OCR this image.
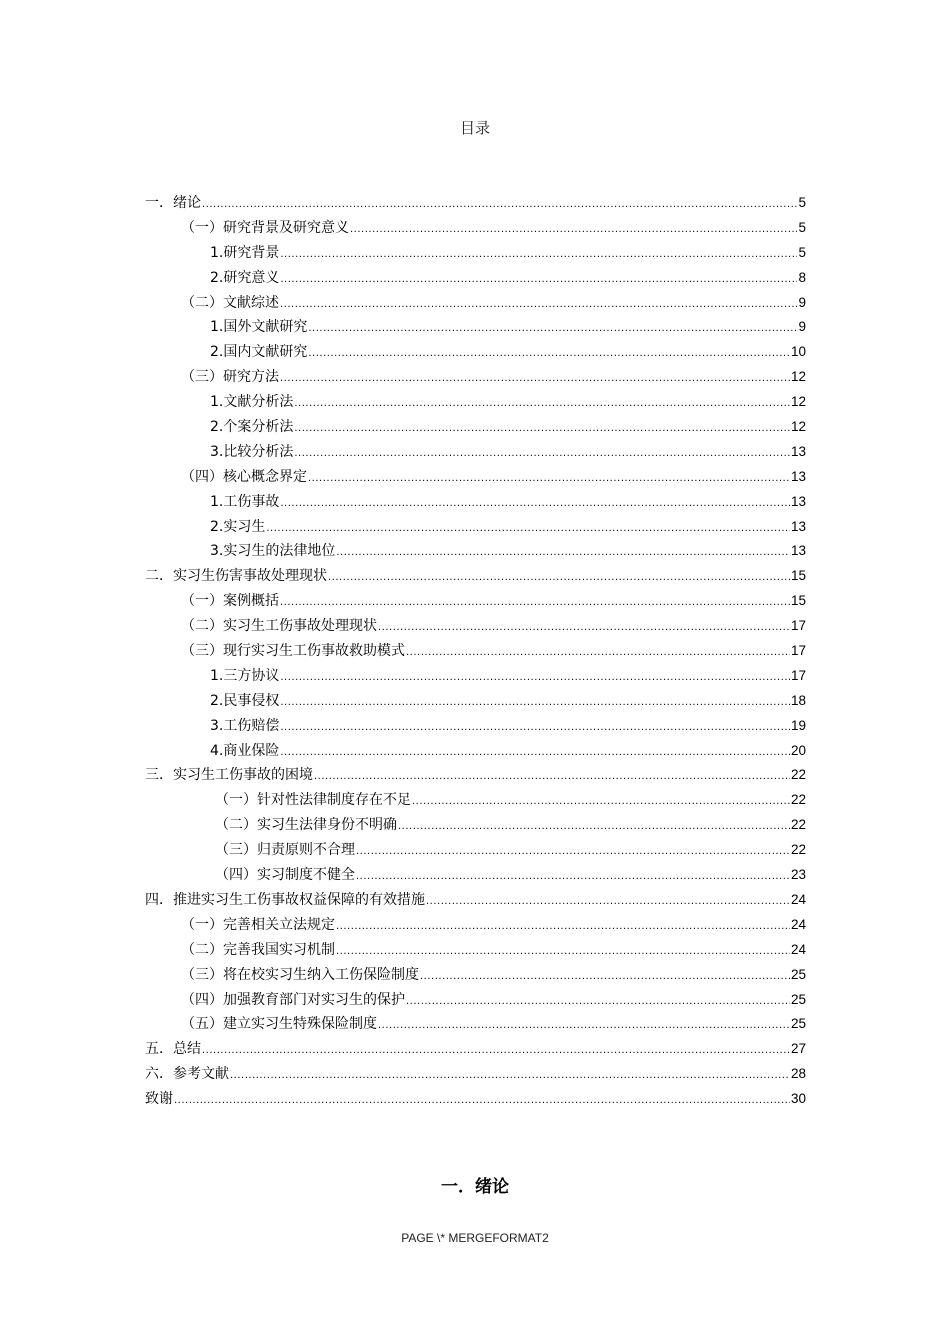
目录
一．绪论 .....	5
（一）研究背景及研究意义 .....	5
1.研究背景 .....	5
2.研究意义 .....	8
（二）文献综述 .....	9
1.国外文献研究 .....	9
2.国内文献研究 .....	10
（三）研究方法 .....	12
1.文献分析法 .....	12
2.个案分析法 .....	12
3.比较分析法 .....	13
（四）核心概念界定 .....	13
1.工伤事故 .....	13
2.实习生 .....	13
3.实习生的法律地位 .....	13
二．实习生伤害事故处理现状 .....	15
（一）案例概括 .....	15
（二）实习生工伤事故处理现状 .....	17
（三）现行实习生工伤事故救助模式 .....	17
1.三方协议 .....	17
2.民事侵权 .....	18
3.工伤赔偿 .....	19
4.商业保险 .....	20
三．实习生工伤事故的困境 .....	22
（一）针对性法律制度存在不足 .....	22
（二）实习生法律身份不明确 .....	22
（三）归责原则不合理 .....	22
（四）实习制度不健全 .....	23
四．推进实习生工伤事故权益保障的有效措施 .....	24
（一）完善相关立法规定 .....	24
（二）完善我国实习机制 .....	24
（三）将在校实习生纳入工伤保险制度 .....	25
（四）加强教育部门对实习生的保护 .....	25
（五）建立实习生特殊保险制度 .....	25
五．总结 .....	27
六．参考文献 .....	28
致谢 .....	30
一．绪论
PAGE \* MERGEFORMAT2
